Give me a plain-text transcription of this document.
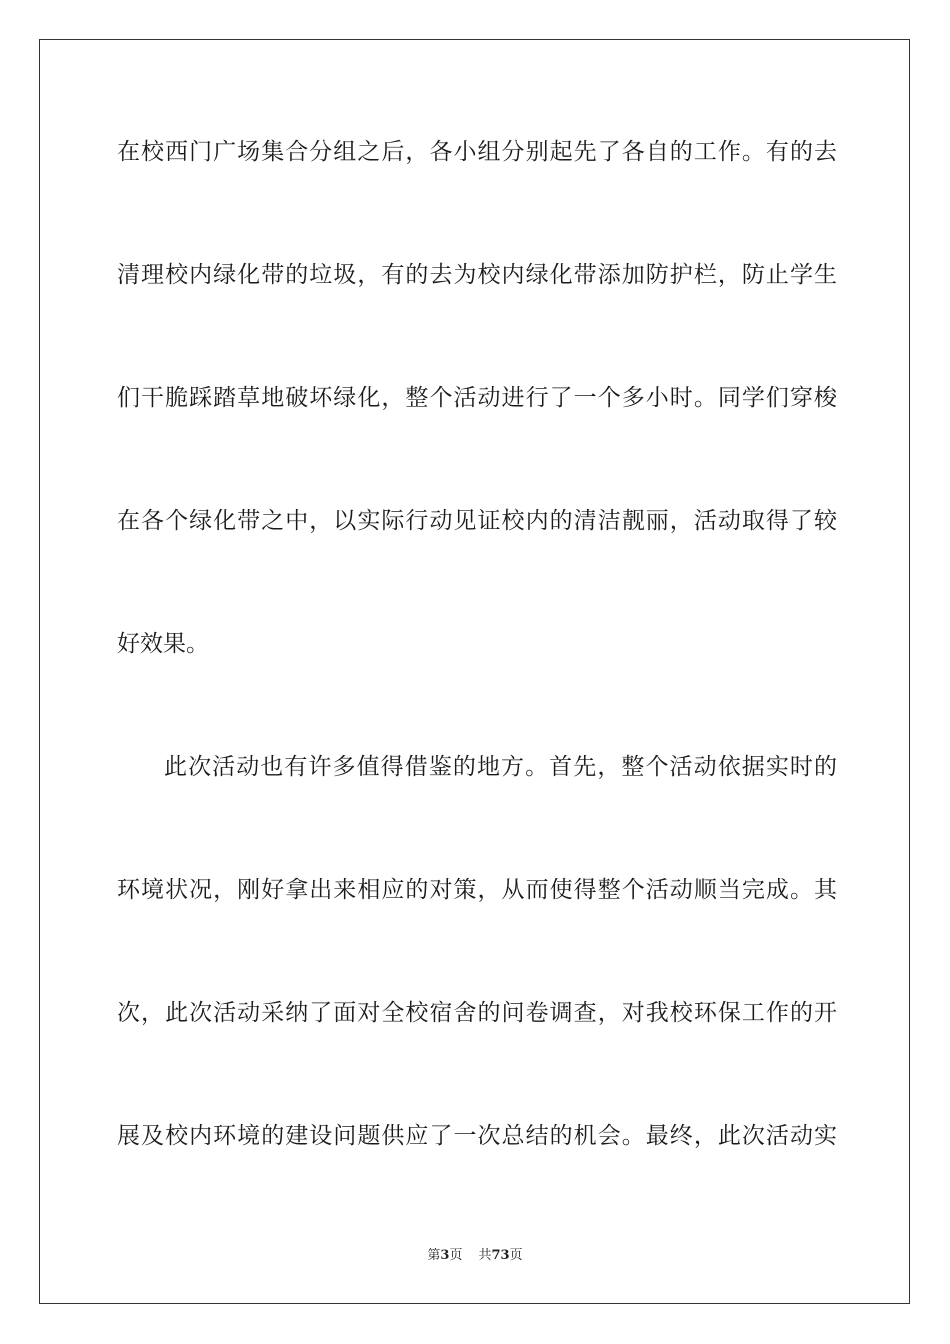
在校西门广场集合分组之后，各小组分别起先了各自的工作。有的去
清理校内绿化带的垃圾，有的去为校内绿化带添加防护栏，防止学生
们干脆踩踏草地破坏绿化，整个活动进行了一个多小时。同学们穿梭
在各个绿化带之中，以实际行动见证校内的清洁靓丽，活动取得了较
好效果。
此次活动也有许多值得借鉴的地方。首先，整个活动依据实时的
环境状况，刚好拿出来相应的对策，从而使得整个活动顺当完成。其
次，此次活动采纳了面对全校宿舍的问卷调查，对我校环保工作的开
展及校内环境的建设问题供应了一次总结的机会。最终，此次活动实
第3页 共73页
